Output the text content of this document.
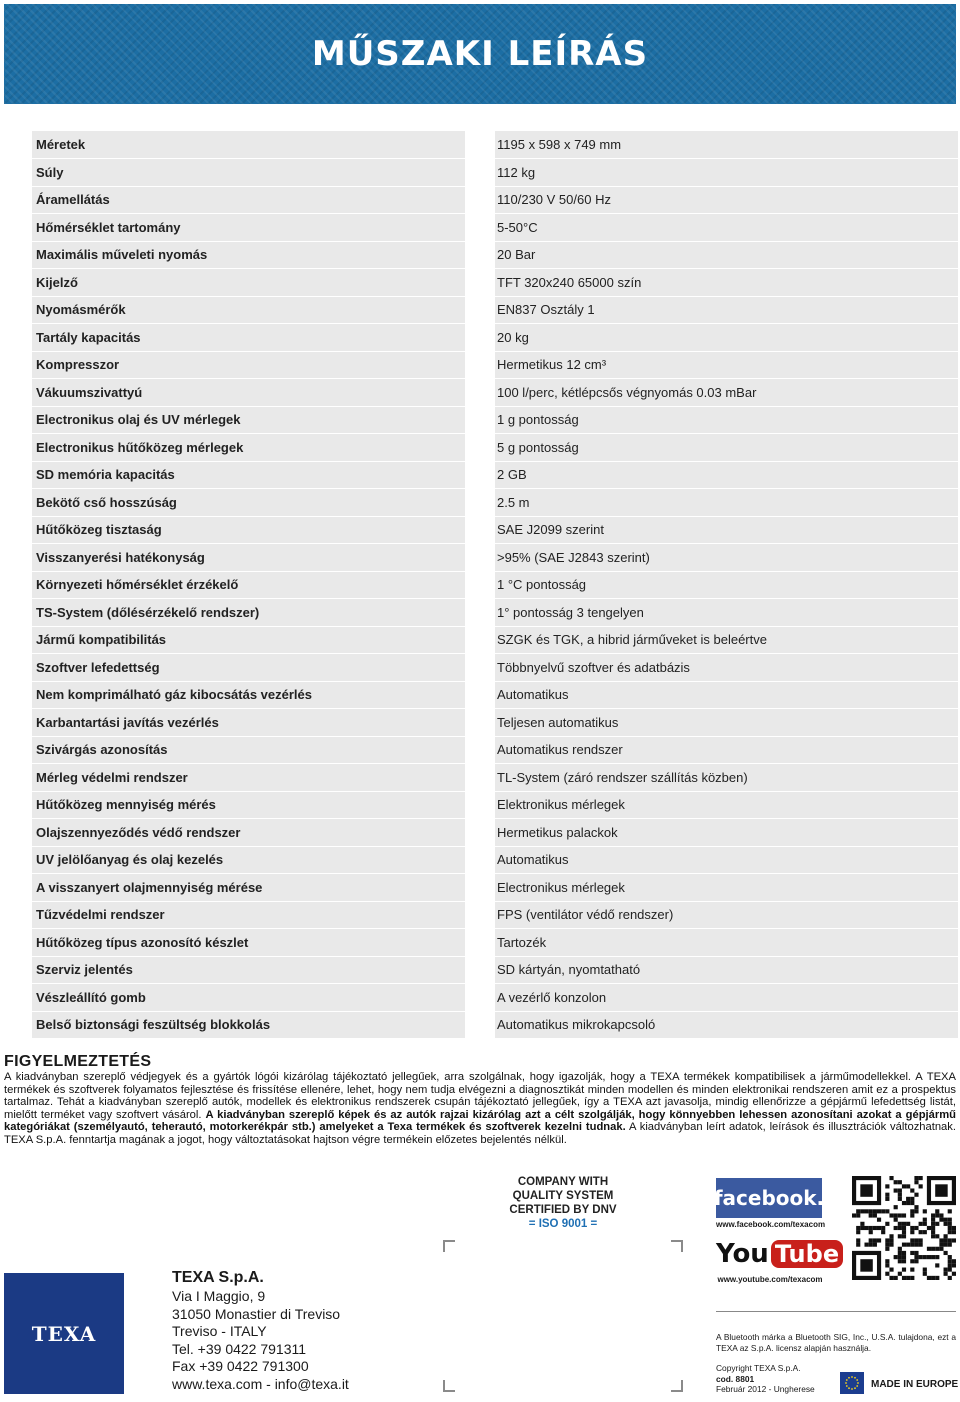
MŰSZAKI LEÍRÁS
Méretek	1195 x 598 x 749 mm
Súly	112 kg
Áramellátás	110/230 V 50/60 Hz
Hőmérséklet tartomány	5-50°C
Maximális műveleti nyomás	20 Bar
Kijelző	TFT 320x240 65000 szín
Nyomásmérők	EN837 Osztály 1
Tartály kapacitás	20 kg
Kompresszor	Hermetikus 12 cm³
Vákuumszivattyú	100 l/perc, kétlépcsős végnyomás 0.03 mBar
Electronikus olaj és UV mérlegek	1 g pontosság
Electronikus hűtőközeg mérlegek	5 g pontosság
SD memória kapacitás	2 GB
Bekötő cső hosszúság	2.5 m
Hűtőközeg tisztaság	SAE J2099 szerint
Visszanyerési hatékonyság	>95% (SAE J2843 szerint)
Környezeti hőmérséklet érzékelő	1 °C pontosság
TS-System (dőlésérzékelő rendszer)	1° pontosság 3 tengelyen
Jármű kompatibilitás	SZGK és TGK, a hibrid járműveket is beleértve
Szoftver lefedettség	Többnyelvű szoftver és adatbázis
Nem komprimálható gáz kibocsátás vezérlés	Automatikus
Karbantartási javítás vezérlés	Teljesen automatikus
Szivárgás azonosítás	Automatikus rendszer
Mérleg védelmi rendszer	TL-System (záró rendszer szállítás közben)
Hűtőközeg mennyiség mérés	Elektronikus mérlegek
Olajszennyeződés védő rendszer	Hermetikus palackok
UV jelölőanyag és olaj kezelés	Automatikus
A visszanyert olajmennyiség mérése	Electronikus mérlegek
Tűzvédelmi rendszer	FPS (ventilátor védő rendszer)
Hűtőközeg típus azonosító készlet	Tartozék
Szerviz jelentés	SD kártyán, nyomtatható
Vészleállító gomb	A vezérlő konzolon
Belső biztonsági feszültség blokkolás	Automatikus mikrokapcsoló
FIGYELMEZTETÉS

A kiadványban szereplő védjegyek és a gyártók lógói kizárólag tájékoztató jellegűek, arra szolgálnak, hogy igazolják, hogy a TEXA termékek kompatibilisek a járműmodellekkel. A TEXA termékek és szoftverek folyamatos fejlesztése és frissítése ellenére, lehet, hogy nem tudja elvégezni a diagnosztikát minden modellen és minden elektronikai rendszeren amit ez a prospektus tartalmaz. Tehát a kiadványban szereplő autók, modellek és elektronikus rendszerek csupán tájékoztató jellegűek, így a TEXA azt javasolja, mindig ellenőrizze a gépjármű lefedettség listát, mielőtt terméket vagy szoftvert vásárol. A kiadványban szereplő képek és az autók rajzai kizárólag azt a célt szolgálják, hogy könnyebben lehessen azonosítani azokat a gépjármű kategóriákat (személyautó, teherautó, motorkerékpár stb.) amelyeket a Texa termékek és szoftverek kezelni tudnak. A kiadványban leírt adatok, leírások és illusztrációk változhatnak. TEXA S.p.A. fenntartja magának a jogot, hogy változtatásokat hajtson végre termékein előzetes bejelentés nélkül.

COMPANY WITH
QUALITY SYSTEM
CERTIFIED BY DNV
= ISO 9001 =
TEXA
TEXA S.p.A.
Via I Maggio, 9
31050 Monastier di Treviso
Treviso - ITALY
Tel. +39 0422 791311
Fax +39 0422 791300
www.texa.com - info@texa.it
facebook.
www.facebook.com/texacom
You Tube
www.youtube.com/texacom
A Bluetooth márka a Bluetooth SIG, Inc., U.S.A. tulajdona, ezt a TEXA az S.p.A. licensz alapján használja.
Copyright TEXA S.p.A.
cod. 8801
Február 2012 - Ungherese	MADE IN EUROPE
